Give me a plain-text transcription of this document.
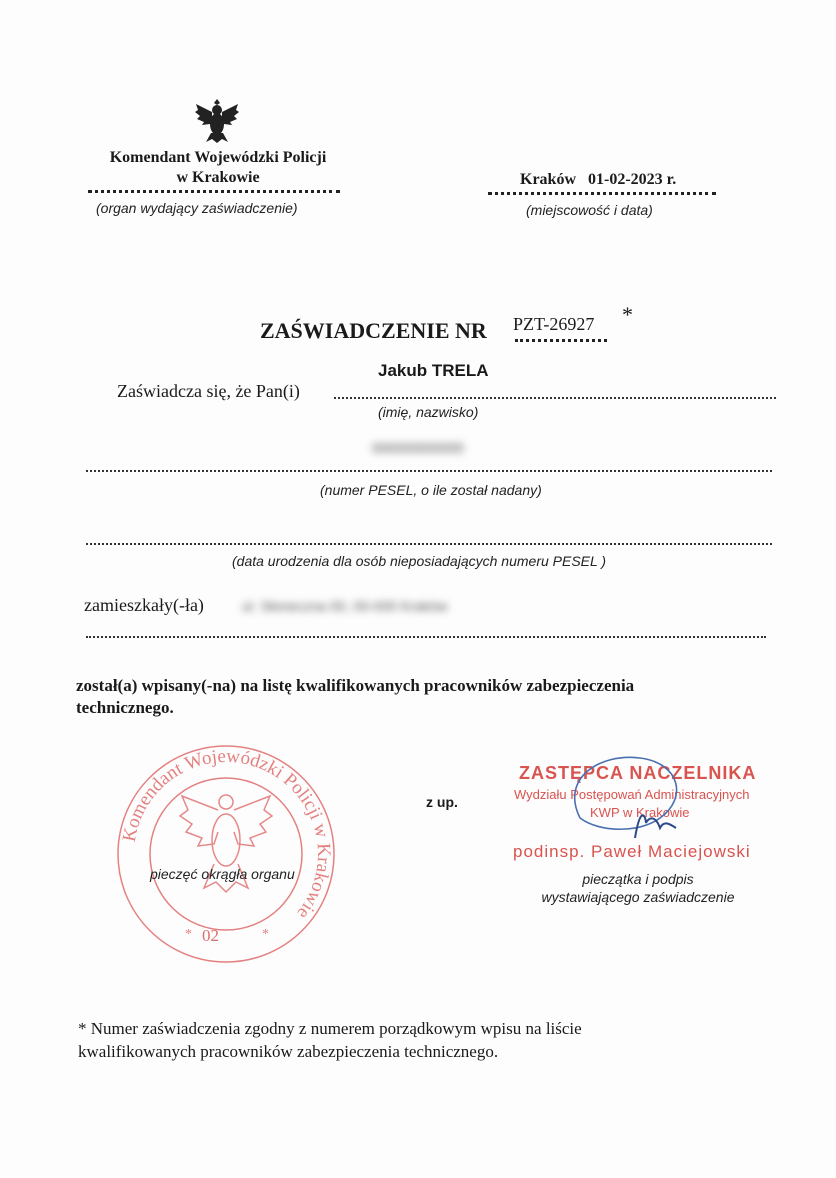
Komendant Wojewódzki Policji
w Krakowie
(organ wydający zaświadczenie)
Kraków   01-02-2023 r.
(miejscowość i data)
ZAŚWIADCZENIE NR PZT-26927 *
Jakub TRELA
Zaświadcza się, że Pan(i)
(imię, nazwisko)
00000000000
(numer PESEL, o ile został nadany)
(data urodzenia dla osób nieposiadających numeru PESEL )
zamieszkały(-ła)	ul. Słoneczna 00, 00-000 Kraków
został(a) wpisany(-na) na listę kwalifikowanych pracowników zabezpieczenia
technicznego.
Komendant Wojewódzki Policji w Krakowie
*	*
02
pieczęć okrągła organu
z up.
ZASTĘPCA NACZELNIKA
Wydziału Postępowań Administracyjnych
KWP w Krakowie
podinsp. Paweł Maciejowski
pieczątka i podpis
wystawiającego zaświadczenie
* Numer zaświadczenia zgodny z numerem porządkowym wpisu na liście
kwalifikowanych pracowników zabezpieczenia technicznego.
